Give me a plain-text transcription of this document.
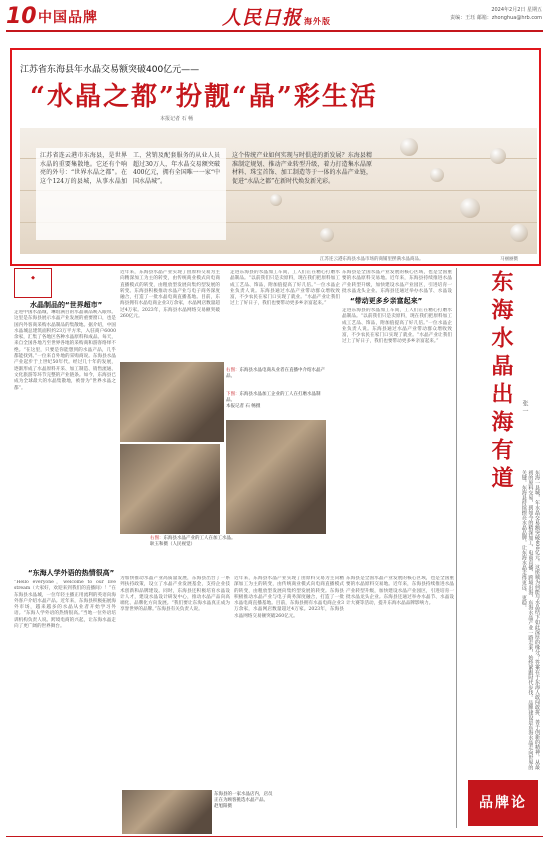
10 中国品牌	人民日报 海外版
2024年2月2日 星期五
责编：王珏 邮箱：zhonghua@hrb.com
江苏省东海县年水晶交易额突破400亿元——
“水晶之都”扮靓“晶”彩生活
本报记者 石 畅
江苏省连云港市东海县，是世界水晶的重要集散地。它还有个响亮的外号：“世界水晶之都”。在这个124万的县城，从事水晶加工、营销及配套服务的从业人员超过30万人，年水晶交易额突破400亿元，拥有全国唯一一家“中国水晶城”。
这个传统产业如何实现与时俱进的新发展？东海县精准制定规划、推动产业转型升级，着力打造集水晶原材料、珠宝首饰、加工制造等于一体的水晶产业链，促进“水晶之都”在新时代焕发新光彩。
江苏连云港东海县水晶市场的商铺里摆满水晶商品。	马丽丽摄
◆
水晶制品的“世界超市”
走进中国水晶城，琳琅满目的水晶制品映入眼帘。这里是东海县展示水晶产业发展的重要窗口，也是国内外客商采购水晶制品的集散地。据介绍，中国水晶城总建筑面积约23万平方米，入驻商户6000余家，汇集了各地区各种水晶原料和成品。每天，来自全国各地乃至世界各地的采购商和游客络绎不绝。“在这里，只要是你能想到的水晶产品，几乎都能找到。”一位来自外地的采购商说。东海县水晶产业起步于上世纪50年代。经过几十年的发展，逐渐形成了水晶原料开采、加工制造、销售流通、文化旅游等环节完整的产业链条。如今，东海县已成为全球最大的水晶集散地，被誉为“世界水晶之都”。
“东海人学外语的热情很高”
“Hello everyone，welcome to our live stream（大家好，欢迎来到我们的直播间）！”在东海县水晶城，一位年轻主播正用流利的英语向海外客户介绍水晶产品。近年来，东海县积极拓展海外市场，越来越多的水晶从业者开始学习外语。“东海人学外语的热情很高。”当地一位外语培训机构负责人说。跨境电商的兴起，让东海水晶走向了更广阔的世界舞台。
近年来，东海县水晶产业实现了由原料交易为主向精深加工为主的转变，由传统商业模式向电商直播模式的转变，由粗放型发展向集约型发展的转变。东海县积极推动水晶产业与电子商务深度融合，打造了一批水晶电商直播基地。目前，东海县拥有水晶电商企业3万余家，水晶网店数量超过4万家。2023年，东海县水晶网络交易额突破260亿元。
右图：东海县水晶电商从业者在直播中介绍水晶产品。
下图：东海县水晶加工企业的工人在打磨水晶制品。
本报记者 石 畅摄
右图：东海县水晶产业的工人在加工水晶。
耿玉和摄（人民视觉）
走进东海县的水晶加工车间，工人们正在精心打磨水晶制品。“以前我们只是卖原料，现在我们把原料加工成工艺品、饰品，附加值提高了好几倍。”一位水晶企业负责人说。东海县通过水晶产业带动群众增收致富，不少农民在家门口实现了就业。“水晶产业让我们过上了好日子，我们也要带动更多乡亲富起来。”	“带动更多乡亲富起来”
东海县是全国水晶产业发展的核心区域，也是全国重要的水晶原料交易地。近年来，东海县持续推进水晶产业转型升级，加快建设水晶产业园区，引进培育一批水晶龙头企业。东海县还通过举办水晶节、水晶设
走进东海县的水晶加工车间，工人们正在精心打磨水晶制品。“以前我们只是卖原料，现在我们把原料加工成工艺品、饰品，附加值提高了好几倍。”一位水晶企业负责人说。东海县通过水晶产业带动群众增收致富，不少农民在家门口实现了就业。“水晶产业让我们过上了好日子，我们也要带动更多乡亲富起来。”
为加快推动水晶产业高质量发展，东海县出台了一系列扶持政策，设立了水晶产业发展基金，支持企业技术创新和品牌建设。同时，东海县还积极培育水晶设计人才，建设水晶设计研发中心，推动水晶产品向高端化、品牌化方向发展。“我们要让东海水晶真正成为享誉世界的品牌。”东海县有关负责人说。
东海县的一家水晶店内，店员正在为顾客挑选水晶产品。
赵旭阳摄
近年来，东海县水晶产业实现了由原料交易为主向精深加工为主的转变，由传统商业模式向电商直播模式的转变，由粗放型发展向集约型发展的转变。东海县积极推动水晶产业与电子商务深度融合，打造了一批水晶电商直播基地。目前，东海县拥有水晶电商企业3万余家，水晶网店数量超过4万家。2023年，东海县水晶网络交易额突破260亿元。
东海县是全国水晶产业发展的核心区域，也是全国重要的水晶原料交易地。近年来，东海县持续推进水晶产业转型升级，加快建设水晶产业园区，引进培育一批水晶龙头企业。东海县还通过举办水晶节、水晶设计大赛等活动，提升东海水晶品牌影响力。
东海水晶出海有道	张 一
东海一县城，年水晶交易额突破400亿元。这座城为何能与水晶结下如此深厚的缘分？答案在于东海人敢闯敢拼、善于创新的精神。从最初的原料交易，到如今的精深加工、电商直播、跨境出海，东海水晶产业一路走来，始终紧跟时代步伐。品牌建设是东海水晶走向世界的关键。东海县持续擦亮水晶品牌，让东海水晶走得更远、更稳。
品牌论
